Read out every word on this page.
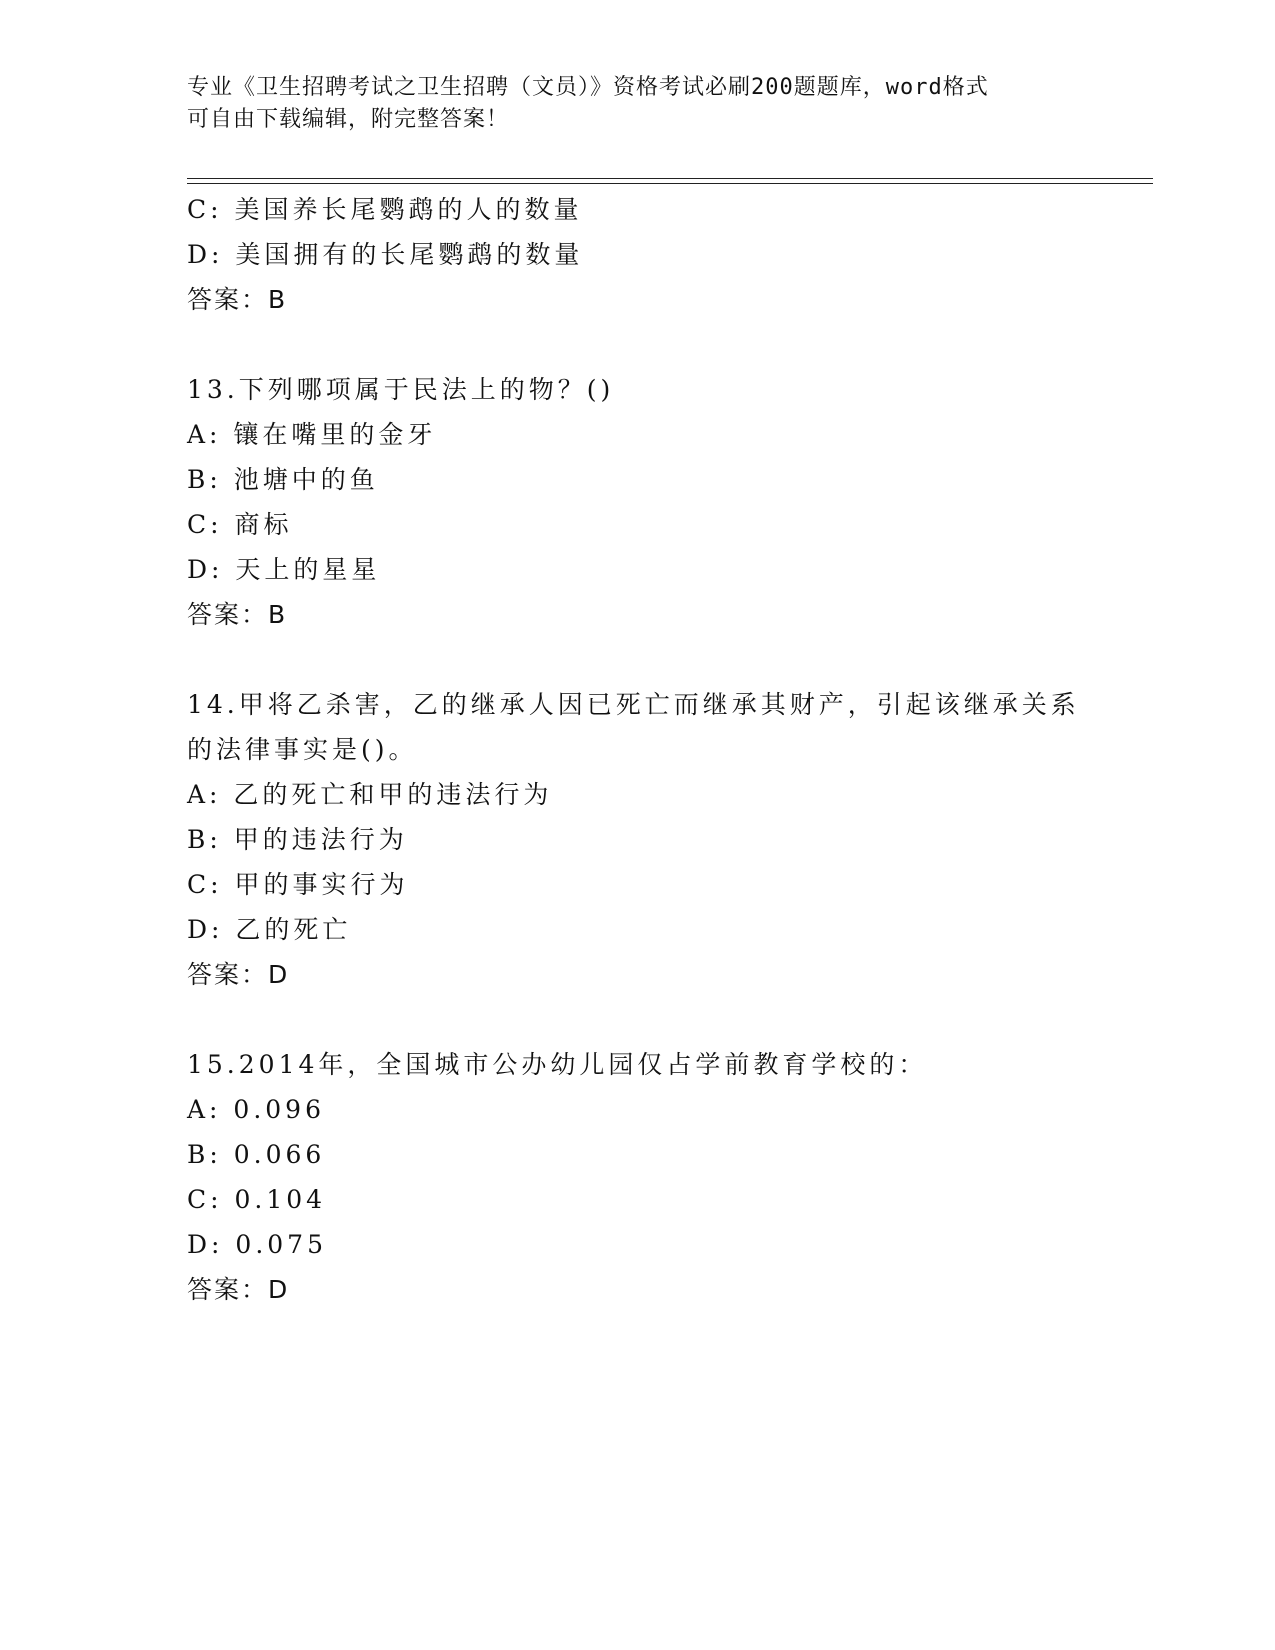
专业《卫生招聘考试之卫生招聘（文员）》资格考试必刷200题题库，word格式
可自由下载编辑，附完整答案！
C: 美国养长尾鹦鹉的人的数量
D: 美国拥有的长尾鹦鹉的数量
答案：B
13.下列哪项属于民法上的物？()
A: 镶在嘴里的金牙
B: 池塘中的鱼
C: 商标
D: 天上的星星
答案：B
14.甲将乙杀害，乙的继承人因已死亡而继承其财产，引起该继承关系
的法律事实是()。
A: 乙的死亡和甲的违法行为
B: 甲的违法行为
C: 甲的事实行为
D: 乙的死亡
答案：D
15.2014年，全国城市公办幼儿园仅占学前教育学校的：
A: 0.096
B: 0.066
C: 0.104
D: 0.075
答案：D
